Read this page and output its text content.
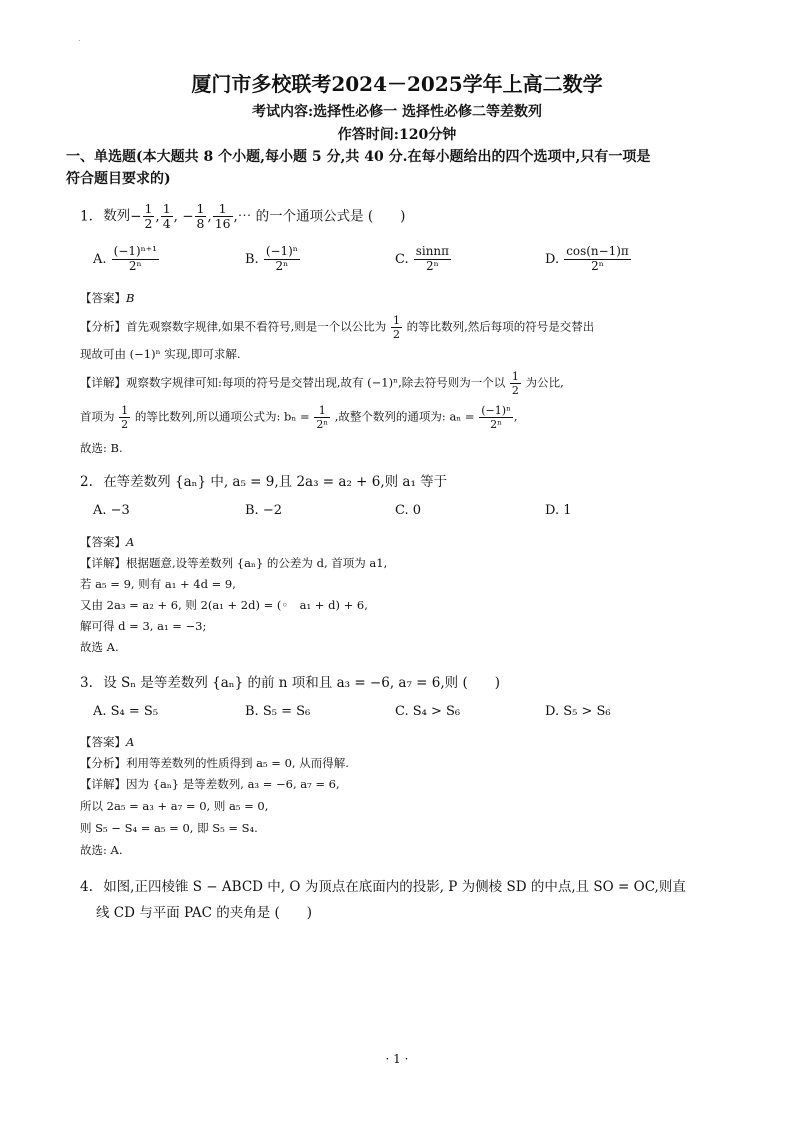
.
厦门市多校联考2024－2025学年上高二数学
考试内容:选择性必修一 选择性必修二等差数列
作答时间:120分钟
一、单选题(本大题共 8 个小题,每小题 5 分,共 40 分.在每小题给出的四个选项中,只有一项是
符合题目要求的)
1. 数列− $\frac{1}{2}$ , $\frac{1}{4}$ , − $\frac{1}{8}$ , $\frac{1}{16}$ ,⋯ 的一个通项公式是 (　　)
A. $\frac{\text{(−1)ⁿ⁺¹}}{\text{2ⁿ}}$	B. $\frac{\text{(−1)ⁿ}}{\text{2ⁿ}}$	C. $\frac{\sin n\pi}{\text{2ⁿ}}$	D. $\frac{\cos(n-1)\pi}{\text{2ⁿ}}$
【答案】B
【分析】首先观察数字规律,如果不看符号,则是一个以公比为 $\frac{1}{2}$ 的等比数列,然后每项的符号是交替出
现故可由 (−1)ⁿ 实现,即可求解.
【详解】观察数字规律可知:每项的符号是交替出现,故有 (−1)ⁿ,除去符号则为一个以 $\frac{1}{2}$ 为公比,
首项为 $\frac{1}{2}$ 的等比数列,所以通项公式为: $b_n = \frac{1}{\text{2ⁿ}}$ ,故整个数列的通项为: $a_n = \frac{\text{(−1)ⁿ}}{\text{2ⁿ}}$ ,
故选: B.
2. 在等差数列 {aₙ} 中, a₅ = 9,且 2a₃ = a₂ + 6,则 a₁ 等于
A. −3	B. −2	C. 0	D. 1
【答案】A
【详解】根据题意,设等差数列 {aₙ} 的公差为 d, 首项为 a1,
若 a₅ = 9, 则有 a₁ + 4d = 9,
又由 2a₃ = a₂ + 6, 则 2(a₁ + 2d) = (◦　a₁ + d) + 6,
解可得 d = 3, a₁ = −3;
故选 A.
3. 设 Sₙ 是等差数列 {aₙ} 的前 n 项和且 a₃ = −6, a₇ = 6,则 (　　)
A. S₄ = S₅	B. S₅ = S₆	C. S₄ > S₆	D. S₅ > S₆
【答案】A
【分析】利用等差数列的性质得到 a₅ = 0, 从而得解.
【详解】因为 {aₙ} 是等差数列, a₃ = −6, a₇ = 6,
所以 2a₅ = a₃ + a₇ = 0, 则 a₅ = 0,
则 S₅ − S₄ = a₅ = 0, 即 S₅ = S₄.
故选: A.
4. 如图,正四棱锥 S − ABCD 中, O 为顶点在底面内的投影, P 为侧棱 SD 的中点,且 SO = OC,则直
线 CD 与平面 PAC 的夹角是 (　　)
· 1 ·
